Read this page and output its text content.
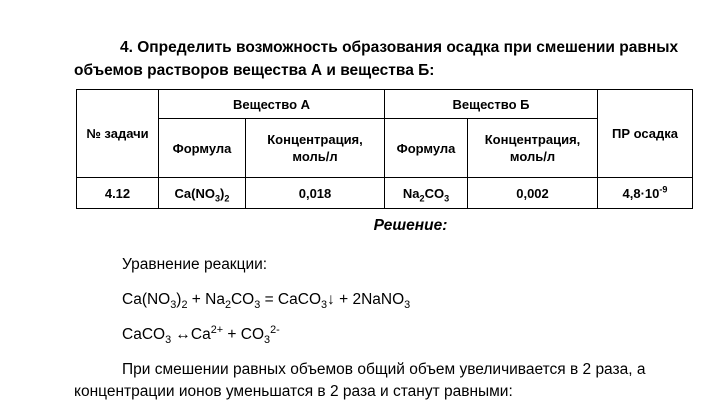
4. Определить возможность образования осадка при смешении равных
объемов растворов вещества А и вещества Б:
№ задачи	Вещество А		Вещество Б		ПР осадка
	Формула	Концентрация, моль/л	Формула	Концентрация, моль/л	
4.12	$Ca(NO_3)_2$	0,018	$Na_2CO_3$	0,002	$4,8\cdot 10^{-9}$
Решение:
Уравнение реакции:
$Ca(NO_3)_2 + Na_2CO_3$ = CaCO$_3$↓ + 2NaNO$_3$
CaCO$_3$ $\leftrightarrow Ca^{2+} + CO_3^{2-}$
При смешении равных объемов общий объем увеличивается в 2 раза, а концентрации ионов уменьшатся в 2 раза и станут равными:
